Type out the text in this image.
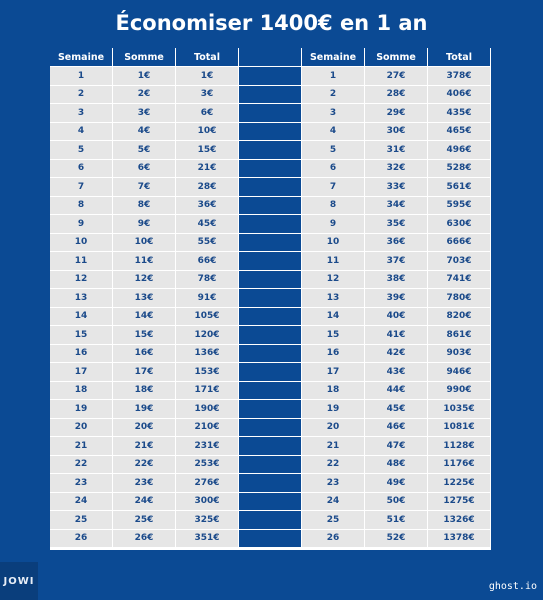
Économiser 1400€ en 1 an
Semaine	Somme	Total	Semaine	Somme	Total
1	1€	1€	1	27€	378€
2	2€	3€	2	28€	406€
3	3€	6€	3	29€	435€
4	4€	10€	4	30€	465€
5	5€	15€	5	31€	496€
6	6€	21€	6	32€	528€
7	7€	28€	7	33€	561€
8	8€	36€	8	34€	595€
9	9€	45€	9	35€	630€
10	10€	55€	10	36€	666€
11	11€	66€	11	37€	703€
12	12€	78€	12	38€	741€
13	13€	91€	13	39€	780€
14	14€	105€	14	40€	820€
15	15€	120€	15	41€	861€
16	16€	136€	16	42€	903€
17	17€	153€	17	43€	946€
18	18€	171€	18	44€	990€
19	19€	190€	19	45€	1035€
20	20€	210€	20	46€	1081€
21	21€	231€	21	47€	1128€
22	22€	253€	22	48€	1176€
23	23€	276€	23	49€	1225€
24	24€	300€	24	50€	1275€
25	25€	325€	25	51€	1326€
26	26€	351€	26	52€	1378€
JOWI	ghost.io
